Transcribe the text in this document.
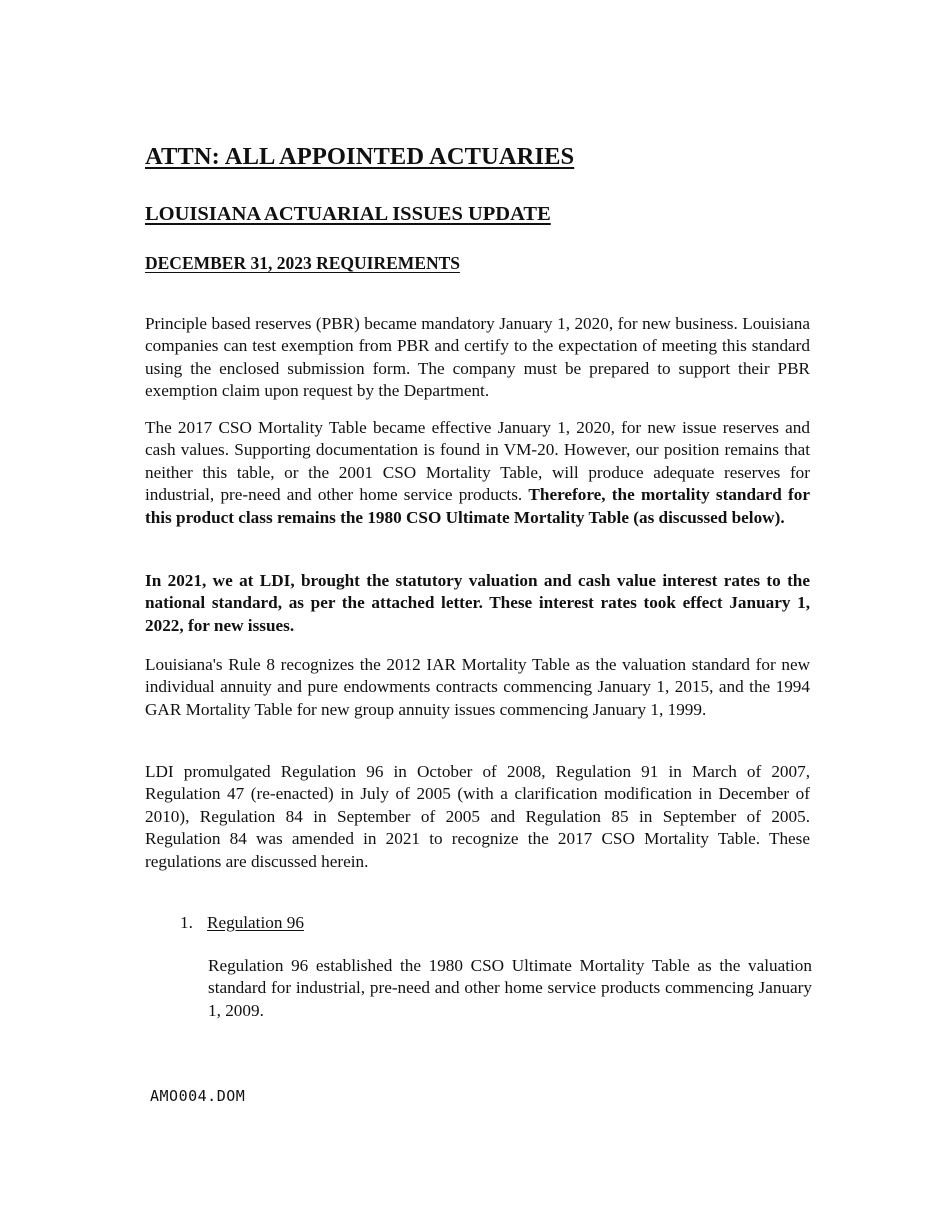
ATTN: ALL APPOINTED ACTUARIES
LOUISIANA ACTUARIAL ISSUES UPDATE
DECEMBER 31, 2023 REQUIREMENTS

Principle based reserves (PBR) became mandatory January 1, 2020, for new business. Louisiana companies can test exemption from PBR and certify to the expectation of meeting this standard using the enclosed submission form. The company must be prepared to support their PBR exemption claim upon request by the Department.

The 2017 CSO Mortality Table became effective January 1, 2020, for new issue reserves and cash values. Supporting documentation is found in VM-20. However, our position remains that neither this table, or the 2001 CSO Mortality Table, will produce adequate reserves for industrial, pre-need and other home service products. Therefore, the mortality standard for this product class remains the 1980 CSO Ultimate Mortality Table (as discussed below).

In 2021, we at LDI, brought the statutory valuation and cash value interest rates to the national standard, as per the attached letter. These interest rates took effect January 1, 2022, for new issues.

Louisiana's Rule 8 recognizes the 2012 IAR Mortality Table as the valuation standard for new individual annuity and pure endowments contracts commencing January 1, 2015, and the 1994 GAR Mortality Table for new group annuity issues commencing January 1, 1999.

LDI promulgated Regulation 96 in October of 2008, Regulation 91 in March of 2007, Regulation 47 (re-enacted) in July of 2005 (with a clarification modification in December of 2010), Regulation 84 in September of 2005 and Regulation 85 in September of 2005. Regulation 84 was amended in 2021 to recognize the 2017 CSO Mortality Table. These regulations are discussed herein.

1. Regulation 96

Regulation 96 established the 1980 CSO Ultimate Mortality Table as the valuation standard for industrial, pre-need and other home service products commencing January 1, 2009.

AMO004.DOM
